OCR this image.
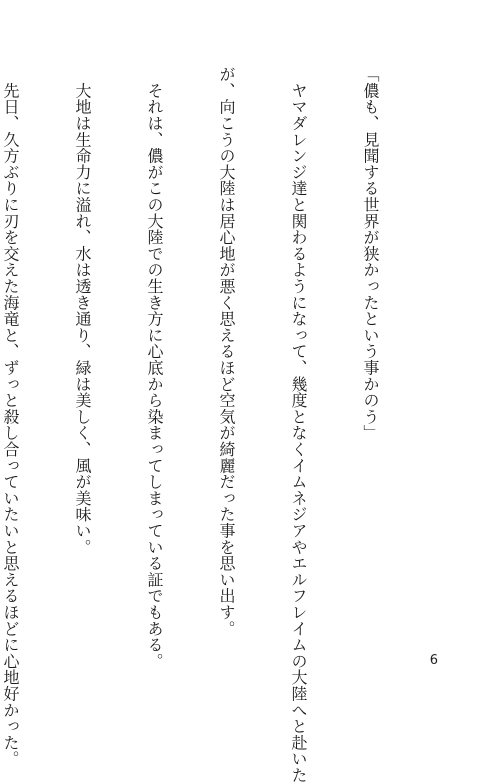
「儂も、見聞する世界が狭かったという事かのう」

　ヤマダレンジ達と関わるようになって、幾度となくイムネジアやエルフレイムの大陸へと赴いた

が、向こうの大陸は居心地が悪く思えるほど空気が綺麗だった事を思い出す。

　それは、儂がこの大陸での生き方に心底から染まってしまっている証でもある。

　大地は生命力に溢れ、水は透き通り、緑は美しく、風が美味い。

　先日、久方ぶりに刃を交えた海竜と、ずっと殺し合っていたいと思えるほどに心地好かった。

	6
